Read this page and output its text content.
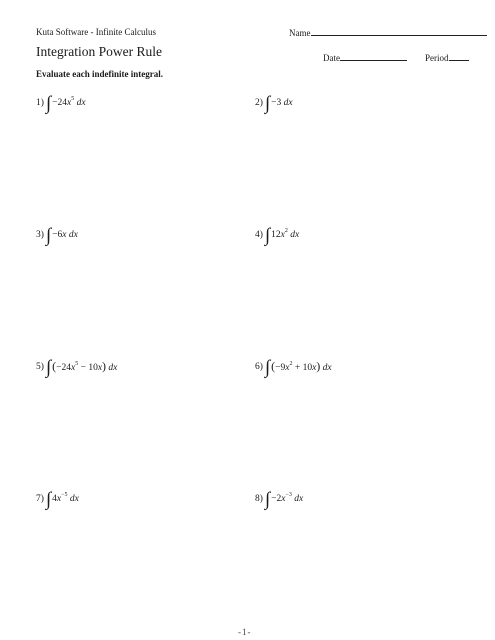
Kuta Software - Infinite Calculus	Name
Integration Power Rule	Date	Period
Evaluate each indefinite integral.
1) ∫ $-24x^5$ dx	2) ∫ −3 dx
3) ∫ −6x dx	4) ∫ $12x^2$ dx
5) ∫ $(-24x^5 - 10x)$ dx	6) ∫ $(-9x^2 + 10x)$ dx
7) ∫ $4x^{-5}$ dx	8) ∫ $-2x^{-3}$ dx
-1-
